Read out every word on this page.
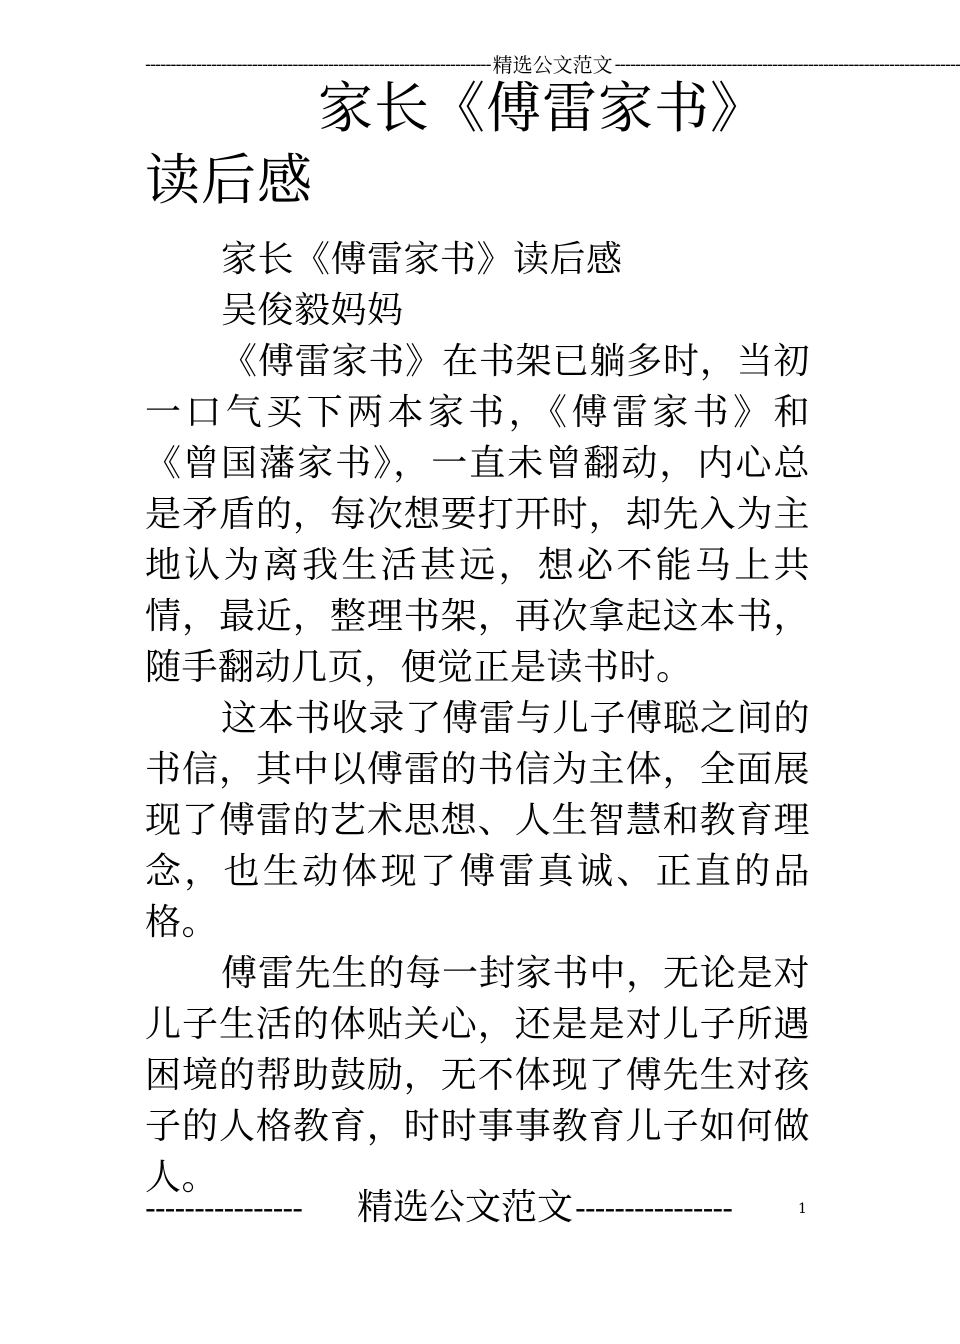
-------------------------------------------------------------------- 精选公文范文 --------------------------------------------------------------------
家长《傅雷家书》读后感

家长《傅雷家书》读后感

吴俊毅妈妈

《傅雷家书》在书架已躺多时，当初一口气买下两本家书，《傅雷家书》和《曾国藩家书》，一直未曾翻动，内心总是矛盾的，每次想要打开时，却先入为主地认为离我生活甚远，想必不能马上共情，最近，整理书架，再次拿起这本书，随手翻动几页，便觉正是读书时。

这本书收录了傅雷与儿子傅聪之间的书信，其中以傅雷的书信为主体，全面展现了傅雷的艺术思想、人生智慧和教育理念，也生动体现了傅雷真诚、正直的品格。

傅雷先生的每一封家书中，无论是对儿子生活的体贴关心，还是是对儿子所遇困境的帮助鼓励，无不体现了傅先生对孩子的人格教育，时时事事教育儿子如何做人。

----------------	精选公文范文 ----------------	1
